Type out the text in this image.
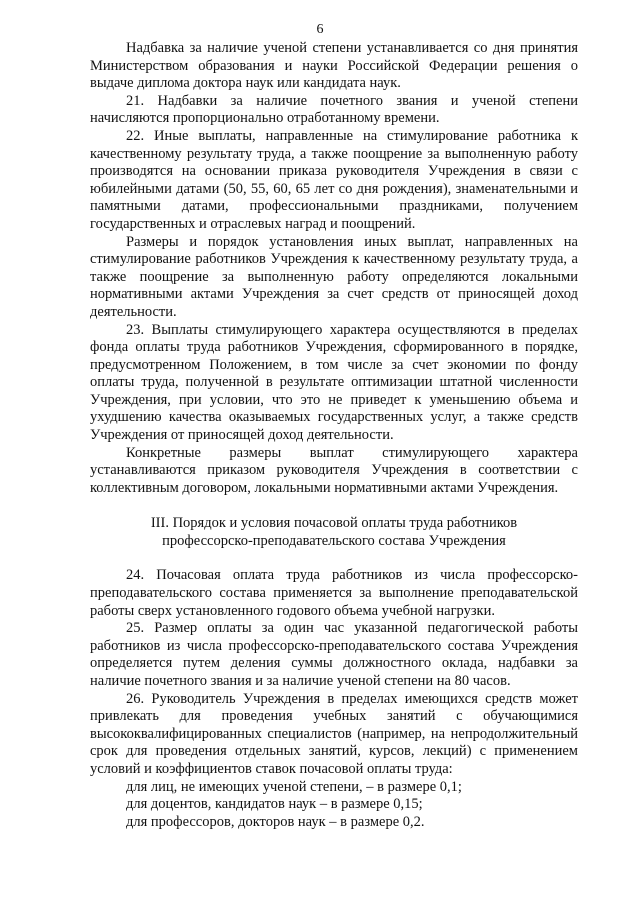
6

Надбавка за наличие ученой степени устанавливается со дня принятия Министерством образования и науки Российской Федерации решения о выдаче диплома доктора наук или кандидата наук.

21. Надбавки за наличие почетного звания и ученой степени начисляются пропорционально отработанному времени.

22. Иные выплаты, направленные на стимулирование работника к качественному результату труда, а также поощрение за выполненную работу производятся на основании приказа руководителя Учреждения в связи с юбилейными датами (50, 55, 60, 65 лет со дня рождения), знаменательными и памятными датами, профессиональными праздниками, получением государственных и отраслевых наград и поощрений.

Размеры и порядок установления иных выплат, направленных на стимулирование работников Учреждения к качественному результату труда, а также поощрение за выполненную работу определяются локальными нормативными актами Учреждения за счет средств от приносящей доход деятельности.

23. Выплаты стимулирующего характера осуществляются в пределах фонда оплаты труда работников Учреждения, сформированного в порядке, предусмотренном Положением, в том числе за счет экономии по фонду оплаты труда, полученной в результате оптимизации штатной численности Учреждения, при условии, что это не приведет к уменьшению объема и ухудшению качества оказываемых государственных услуг, а также средств Учреждения от приносящей доход деятельности.

Конкретные размеры выплат стимулирующего характера устанавливаются приказом руководителя Учреждения в соответствии с коллективным договором, локальными нормативными актами Учреждения.

III. Порядок и условия почасовой оплаты труда работников
профессорско-преподавательского состава Учреждения

24. Почасовая оплата труда работников из числа профессорско-преподавательского состава применяется за выполнение преподавательской работы сверх установленного годового объема учебной нагрузки.

25. Размер оплаты за один час указанной педагогической работы работников из числа профессорско-преподавательского состава Учреждения определяется путем деления суммы должностного оклада, надбавки за наличие почетного звания и за наличие ученой степени на 80 часов.

26. Руководитель Учреждения в пределах имеющихся средств может привлекать для проведения учебных занятий с обучающимися высококвалифицированных специалистов (например, на непродолжительный срок для проведения отдельных занятий, курсов, лекций) с применением условий и коэффициентов ставок почасовой оплаты труда:

для лиц, не имеющих ученой степени, – в размере 0,1;

для доцентов, кандидатов наук – в размере 0,15;

для профессоров, докторов наук – в размере 0,2.
